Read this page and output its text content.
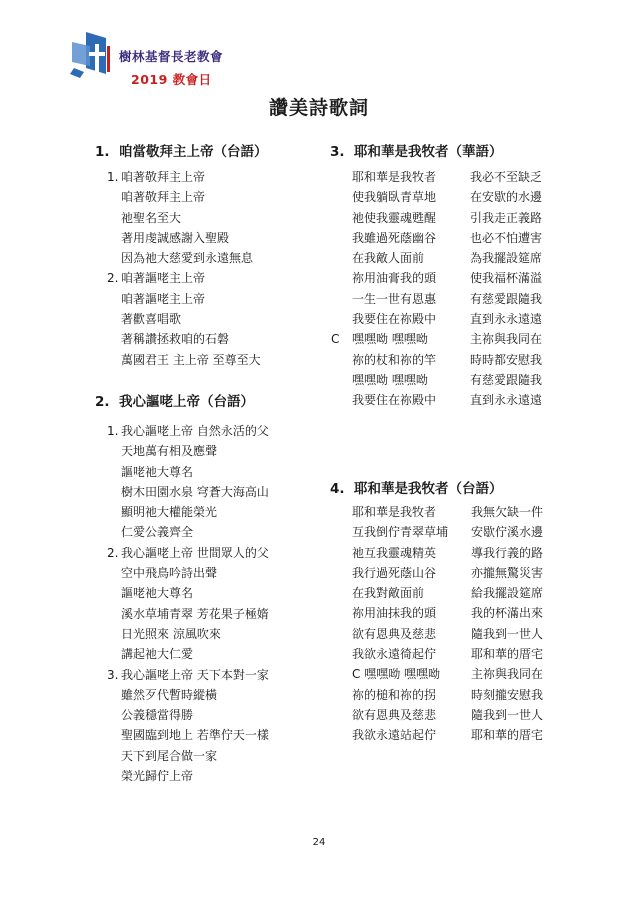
樹林基督長老教會
2019 教會日
讚美詩歌詞
1. 咱當敬拜主上帝（台語）
1. 咱著敬拜主上帝
咱著敬拜主上帝
祂聖名至大
著用虔誠感謝入聖殿
因為祂大慈愛到永遠無息
2. 咱著謳咾主上帝
咱著謳咾主上帝
著歡喜唱歌
著稱讚拯救咱的石磐
萬國君王 主上帝 至尊至大
2. 我心謳咾上帝（台語）
1. 我心謳咾上帝 自然永活的父
天地萬有相及應聲
謳咾祂大尊名
樹木田園水泉 穹蒼大海高山
顯明祂大權能榮光
仁愛公義齊全
2. 我心謳咾上帝 世間眾人的父
空中飛鳥吟詩出聲
謳咾祂大尊名
溪水草埔青翠 芳花果子極媠
日光照來 涼風吹來
講起祂大仁愛
3. 我心謳咾上帝 天下本對一家
雖然歹代暫時縱橫
公義穩當得勝
聖國臨到地上 若準佇天一樣
天下到尾合做一家
榮光歸佇上帝
3. 耶和華是我牧者（華語）
耶和華是我牧者	我必不至缺乏
使我躺臥青草地	在安歇的水邊
祂使我靈魂甦醒	引我走正義路
我雖過死蔭幽谷	也必不怕遭害
在我敵人面前	為我擺設筵席
祢用油膏我的頭	使我福杯滿溢
一生一世有恩惠	有慈愛跟隨我
我要住在祢殿中	直到永永遠遠
C 嘿嘿呦 嘿嘿呦	主祢與我同在
祢的杖和祢的竿	時時都安慰我
嘿嘿呦 嘿嘿呦	有慈愛跟隨我
我要住在祢殿中	直到永永遠遠
4. 耶和華是我牧者（台語）
耶和華是我牧者	我無欠缺一件
互我倒佇青翠草埔	安歇佇溪水邊
祂互我靈魂精英	導我行義的路
我行過死蔭山谷	亦攏無驚災害
在我對敵面前	給我擺設筵席
祢用油抹我的頭	我的杯滿出來
欲有恩典及慈悲	隨我到一世人
我欲永遠徛起佇	耶和華的厝宅
C 嘿嘿呦 嘿嘿呦	主祢與我同在
祢的槌和祢的拐	時刻攏安慰我
欲有恩典及慈悲	隨我到一世人
我欲永遠站起佇	耶和華的厝宅
24
